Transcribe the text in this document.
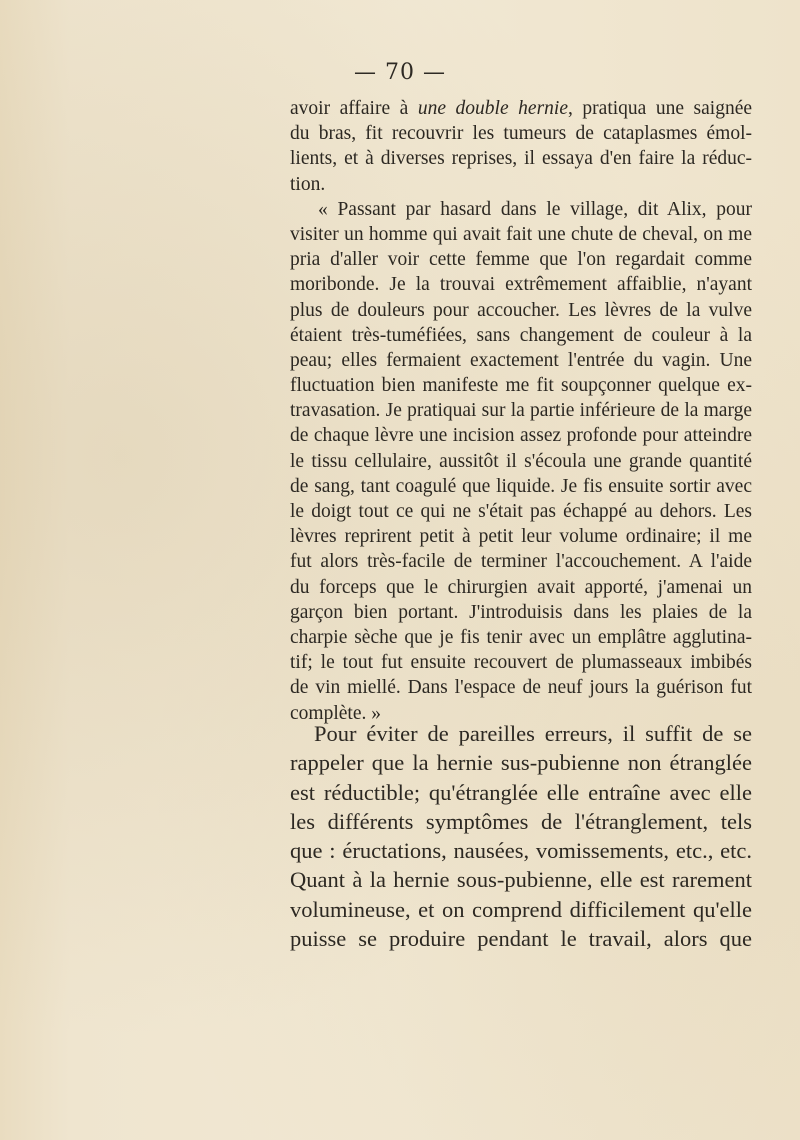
— 70 —
avoir affaire à une double hernie, pratiqua une saignée
du bras, fit recouvrir les tumeurs de cataplasmes émol-
lients, et à diverses reprises, il essaya d'en faire la réduc-
tion.
« Passant par hasard dans le village, dit Alix, pour
visiter un homme qui avait fait une chute de cheval, on me
pria d'aller voir cette femme que l'on regardait comme
moribonde. Je la trouvai extrêmement affaiblie, n'ayant
plus de douleurs pour accoucher. Les lèvres de la vulve
étaient très-tuméfiées, sans changement de couleur à la
peau; elles fermaient exactement l'entrée du vagin. Une
fluctuation bien manifeste me fit soupçonner quelque ex-
travasation. Je pratiquai sur la partie inférieure de la marge
de chaque lèvre une incision assez profonde pour atteindre
le tissu cellulaire, aussitôt il s'écoula une grande quantité
de sang, tant coagulé que liquide. Je fis ensuite sortir avec
le doigt tout ce qui ne s'était pas échappé au dehors. Les
lèvres reprirent petit à petit leur volume ordinaire; il me
fut alors très-facile de terminer l'accouchement. A l'aide
du forceps que le chirurgien avait apporté, j'amenai un
garçon bien portant. J'introduisis dans les plaies de la
charpie sèche que je fis tenir avec un emplâtre agglutina-
tif; le tout fut ensuite recouvert de plumasseaux imbibés
de vin miellé. Dans l'espace de neuf jours la guérison fut
complète. »
Pour éviter de pareilles erreurs, il suffit de se
rappeler que la hernie sus-pubienne non étranglée
est réductible; qu'étranglée elle entraîne avec elle
les différents symptômes de l'étranglement, tels
que : éructations, nausées, vomissements, etc., etc.
Quant à la hernie sous-pubienne, elle est rarement
volumineuse, et on comprend difficilement qu'elle
puisse se produire pendant le travail, alors que
